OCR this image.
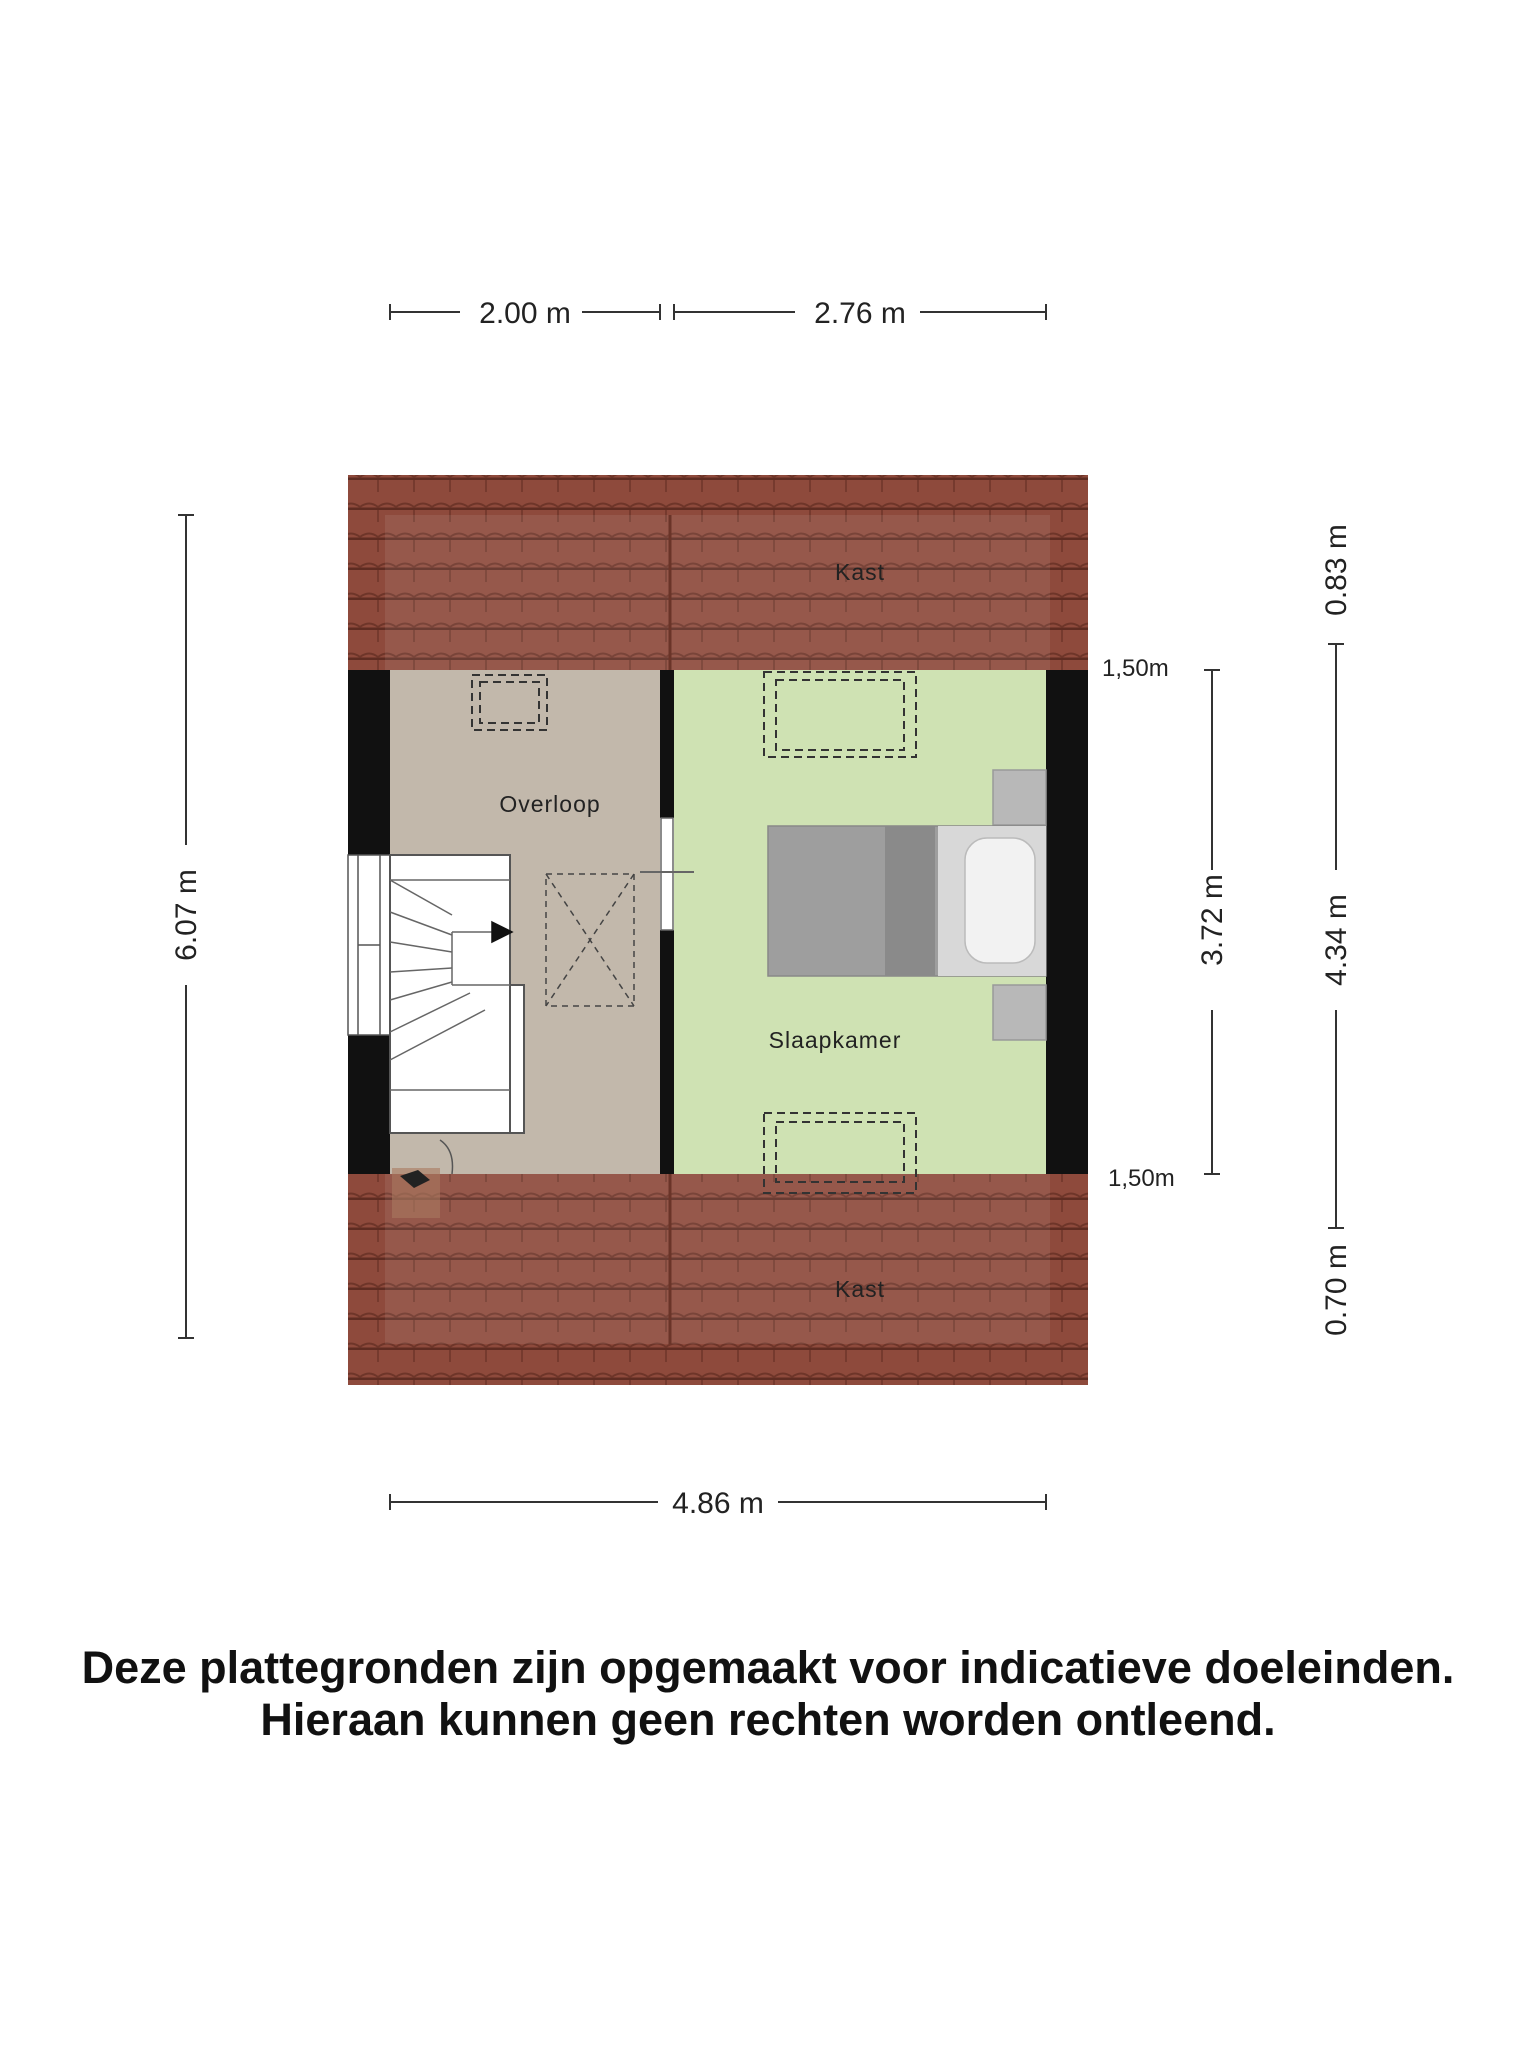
Kast
Overloop
Slaapkamer
Kast
2.00 m	2.76 m
4.86 m
6.07 m	3.72 m
0.83 m
4.34 m
0.70 m
1,50m
1,50m
Deze plattegronden zijn opgemaakt voor indicatieve doeleinden.
Hieraan kunnen geen rechten worden ontleend.
